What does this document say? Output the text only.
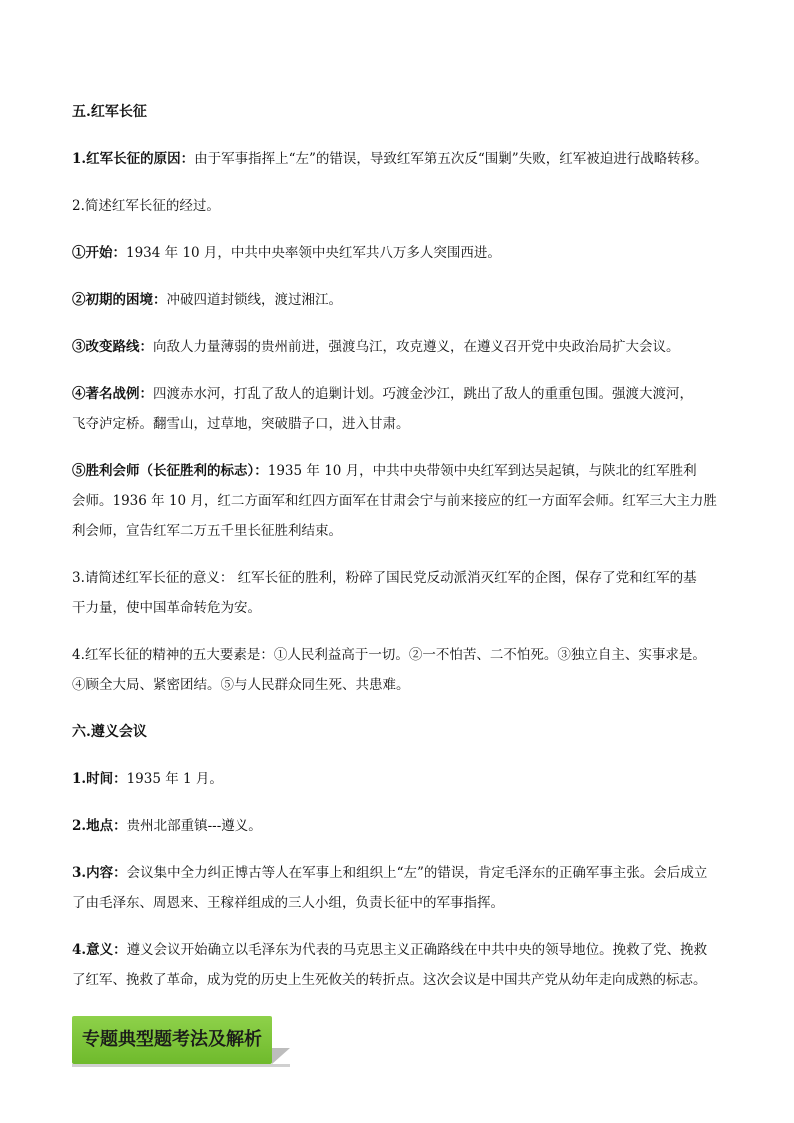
五.红军长征

1.红军长征的原因：由于军事指挥上“左”的错误，导致红军第五次反“围剿”失败，红军被迫进行战略转移。

2.简述红军长征的经过。

①开始：1934 年 10 月，中共中央率领中央红军共八万多人突围西进。

②初期的困境：冲破四道封锁线，渡过湘江。

③改变路线：向敌人力量薄弱的贵州前进，强渡乌江，攻克遵义，在遵义召开党中央政治局扩大会议。

④著名战例：四渡赤水河，打乱了敌人的追剿计划。巧渡金沙江，跳出了敌人的重重包围。强渡大渡河，

飞夺泸定桥。翻雪山，过草地，突破腊子口，进入甘肃。

⑤胜利会师（长征胜利的标志）：1935 年 10 月，中共中央带领中央红军到达吴起镇，与陕北的红军胜利

会师。1936 年 10 月，红二方面军和红四方面军在甘肃会宁与前来接应的红一方面军会师。红军三大主力胜

利会师，宣告红军二万五千里长征胜利结束。

3.请简述红军长征的意义： 红军长征的胜利，粉碎了国民党反动派消灭红军的企图，保存了党和红军的基

干力量，使中国革命转危为安。

4.红军长征的精神的五大要素是：①人民利益高于一切。②一不怕苦、二不怕死。③独立自主、实事求是。

④顾全大局、紧密团结。⑤与人民群众同生死、共患难。

六.遵义会议

1.时间：1935 年 1 月。

2.地点：贵州北部重镇---遵义。

3.内容：会议集中全力纠正博古等人在军事上和组织上“左”的错误，肯定毛泽东的正确军事主张。会后成立

了由毛泽东、周恩来、王稼祥组成的三人小组，负责长征中的军事指挥。

4.意义：遵义会议开始确立以毛泽东为代表的马克思主义正确路线在中共中央的领导地位。挽救了党、挽救

了红军、挽救了革命，成为党的历史上生死攸关的转折点。这次会议是中国共产党从幼年走向成熟的标志。

专题典型题考法及解析
